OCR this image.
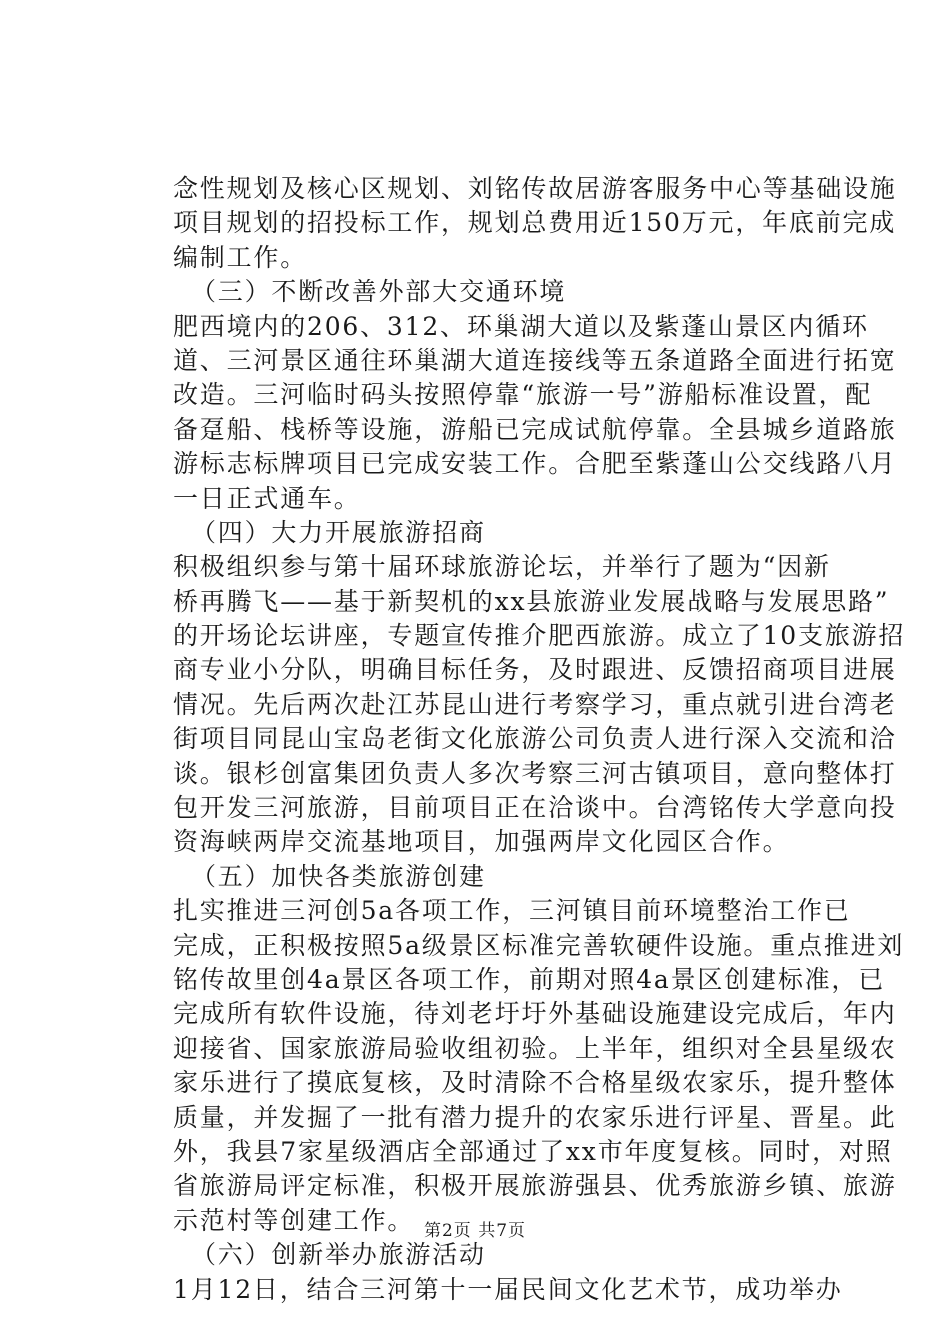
念性规划及核心区规划、刘铭传故居游客服务中心等基础设施
项目规划的招投标工作，规划总费用近150万元，年底前完成
编制工作。
（三）不断改善外部大交通环境
肥西境内的206、312、环巢湖大道以及紫蓬山景区内循环
道、三河景区通往环巢湖大道连接线等五条道路全面进行拓宽
改造。三河临时码头按照停靠“旅游一号”游船标准设置，配
备趸船、栈桥等设施，游船已完成试航停靠。全县城乡道路旅
游标志标牌项目已完成安装工作。合肥至紫蓬山公交线路八月
一日正式通车。
（四）大力开展旅游招商
积极组织参与第十届环球旅游论坛，并举行了题为“因新
桥再腾飞——基于新契机的xx县旅游业发展战略与发展思路”
的开场论坛讲座，专题宣传推介肥西旅游。成立了10支旅游招
商专业小分队，明确目标任务，及时跟进、反馈招商项目进展
情况。先后两次赴江苏昆山进行考察学习，重点就引进台湾老
街项目同昆山宝岛老街文化旅游公司负责人进行深入交流和洽
谈。银杉创富集团负责人多次考察三河古镇项目，意向整体打
包开发三河旅游，目前项目正在洽谈中。台湾铭传大学意向投
资海峡两岸交流基地项目，加强两岸文化园区合作。
（五）加快各类旅游创建
扎实推进三河创5a各项工作，三河镇目前环境整治工作已
完成，正积极按照5a级景区标准完善软硬件设施。重点推进刘
铭传故里创4a景区各项工作，前期对照4a景区创建标准，已
完成所有软件设施，待刘老圩圩外基础设施建设完成后，年内
迎接省、国家旅游局验收组初验。上半年，组织对全县星级农
家乐进行了摸底复核，及时清除不合格星级农家乐，提升整体
质量，并发掘了一批有潜力提升的农家乐进行评星、晋星。此
外，我县7家星级酒店全部通过了xx市年度复核。同时，对照
省旅游局评定标准，积极开展旅游强县、优秀旅游乡镇、旅游
示范村等创建工作。
（六）创新举办旅游活动
1月12日，结合三河第十一届民间文化艺术节，成功举办
第2页 共7页
